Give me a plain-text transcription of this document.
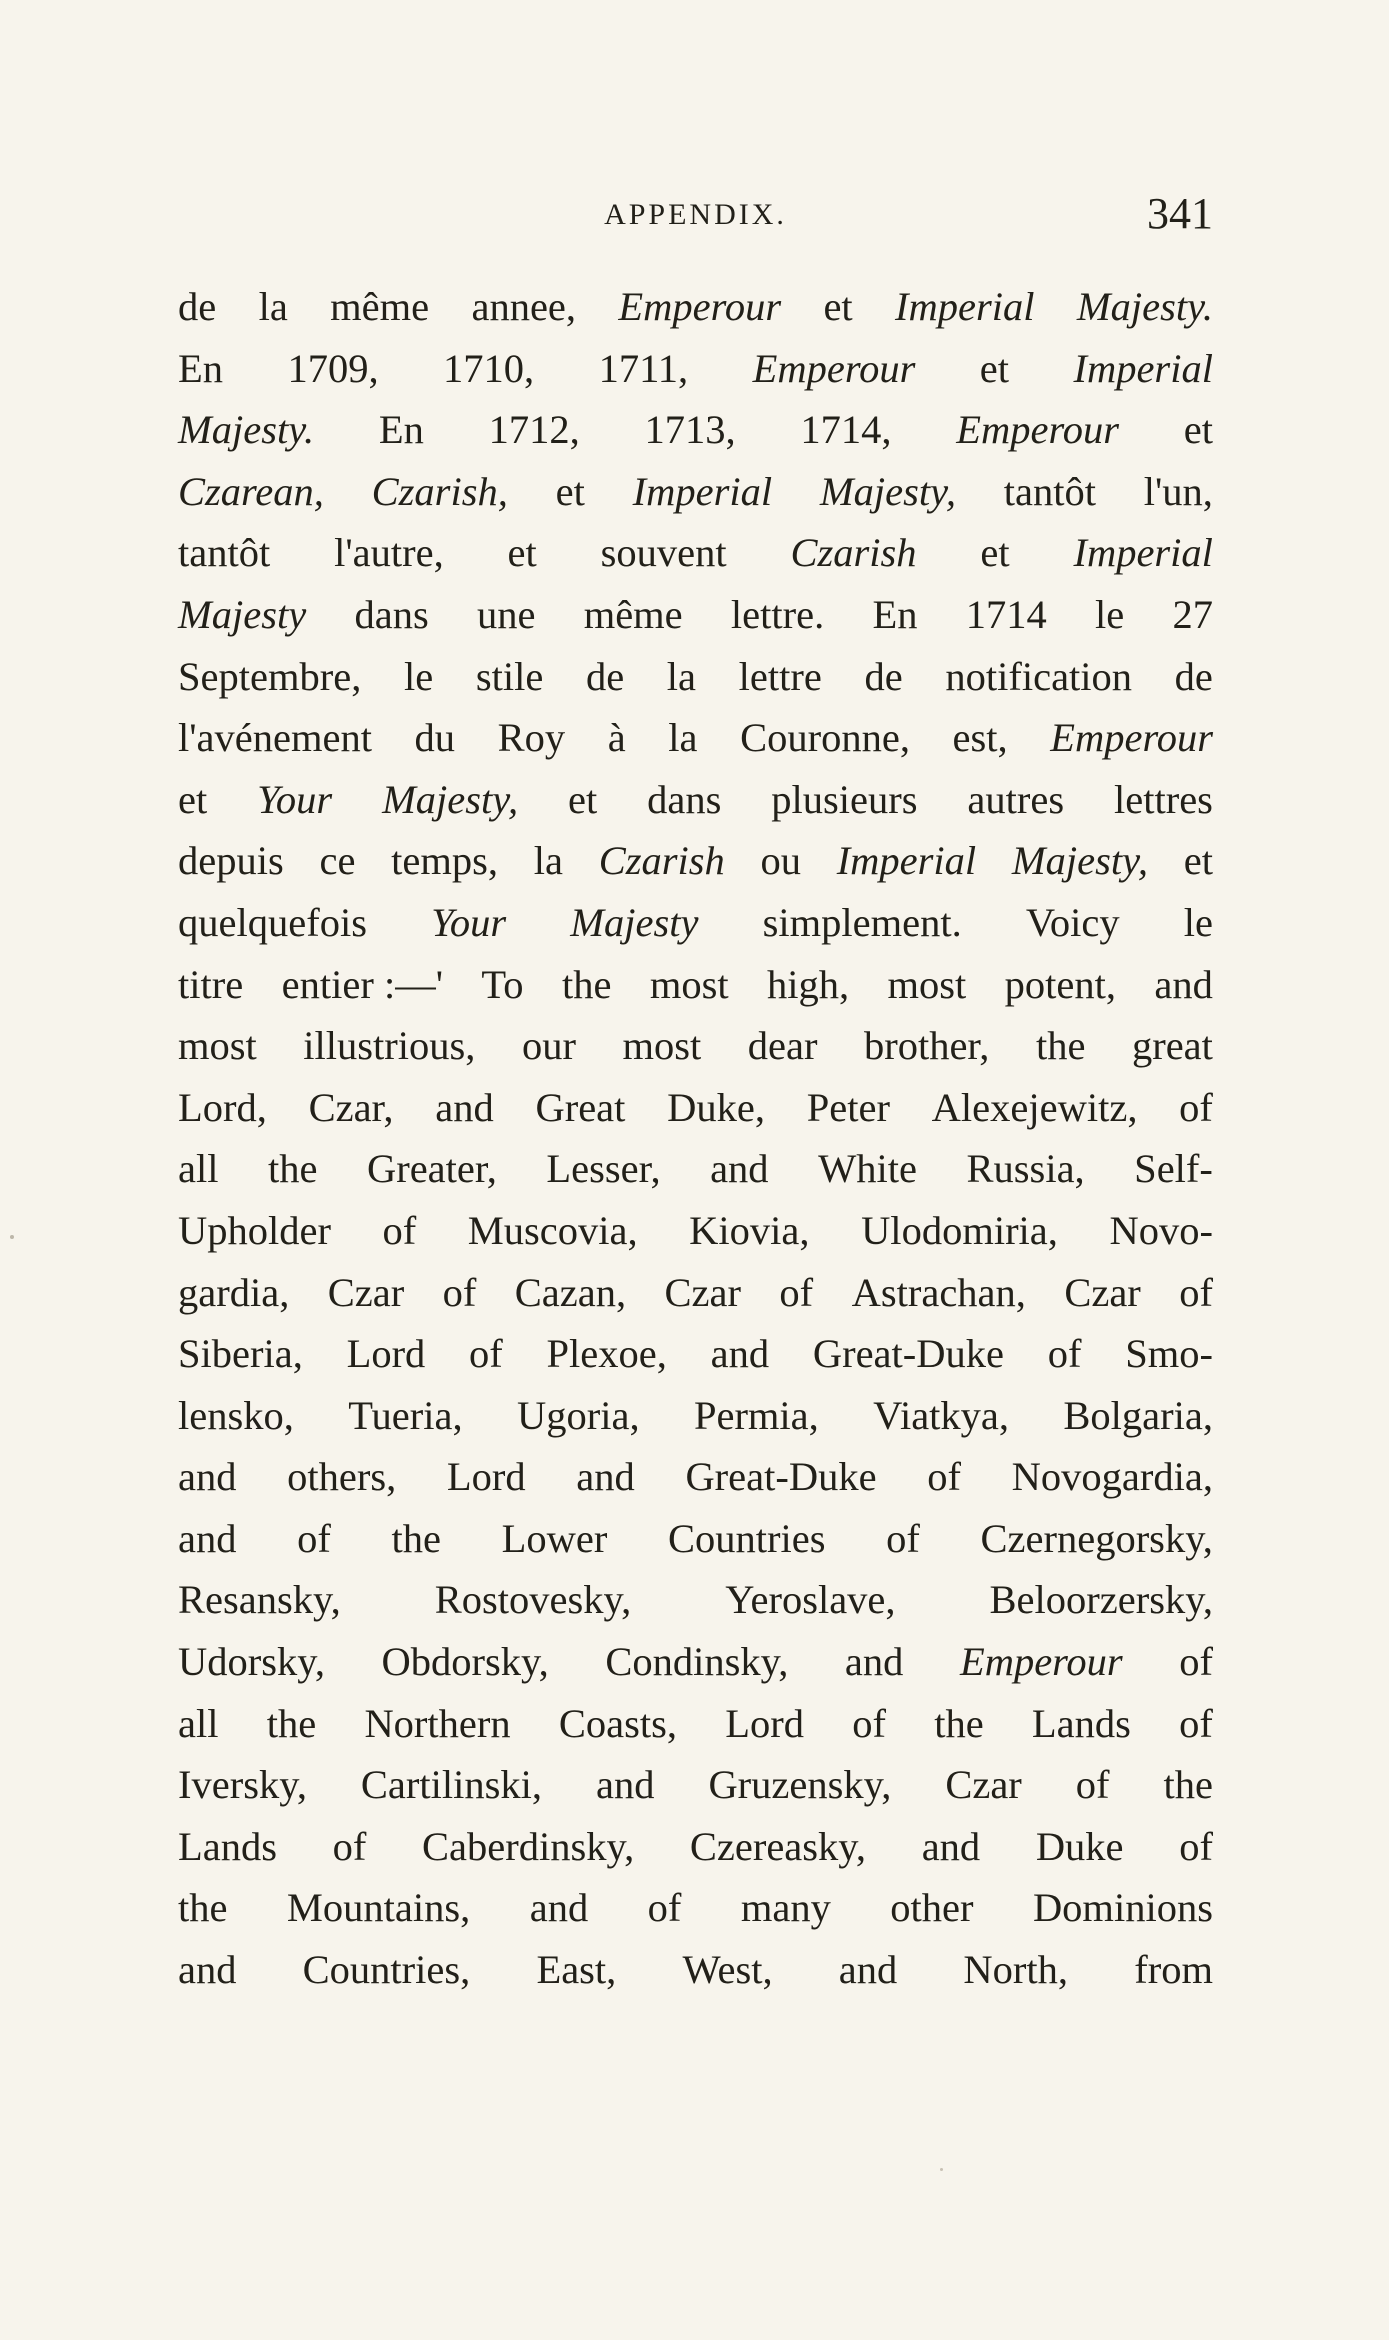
APPENDIX.	341
de la même annee, Emperour et Imperial Majesty.
En 1709, 1710, 1711, Emperour et Imperial
Majesty. En 1712, 1713, 1714, Emperour et
Czarean, Czarish, et Imperial Majesty, tantôt l'un,
tantôt l'autre, et souvent Czarish et Imperial
Majesty dans une même lettre. En 1714 le 27
Septembre, le stile de la lettre de notification de
l'avénement du Roy à la Couronne, est, Emperour
et Your Majesty, et dans plusieurs autres lettres
depuis ce temps, la Czarish ou Imperial Majesty, et
quelquefois Your Majesty simplement. Voicy le
titre entier :—' To the most high, most potent, and
most illustrious, our most dear brother, the great
Lord, Czar, and Great Duke, Peter Alexejewitz, of
all the Greater, Lesser, and White Russia, Self-
Upholder of Muscovia, Kiovia, Ulodomiria, Novo-
gardia, Czar of Cazan, Czar of Astrachan, Czar of
Siberia, Lord of Plexoe, and Great-Duke of Smo-
lensko, Tueria, Ugoria, Permia, Viatkya, Bolgaria,
and others, Lord and Great-Duke of Novogardia,
and of the Lower Countries of Czernegorsky,
Resansky, Rostovesky, Yeroslave, Beloorzersky,
Udorsky, Obdorsky, Condinsky, and Emperour of
all the Northern Coasts, Lord of the Lands of
Iversky, Cartilinski, and Gruzensky, Czar of the
Lands of Caberdinsky, Czereasky, and Duke of
the Mountains, and of many other Dominions
and Countries, East, West, and North, from
